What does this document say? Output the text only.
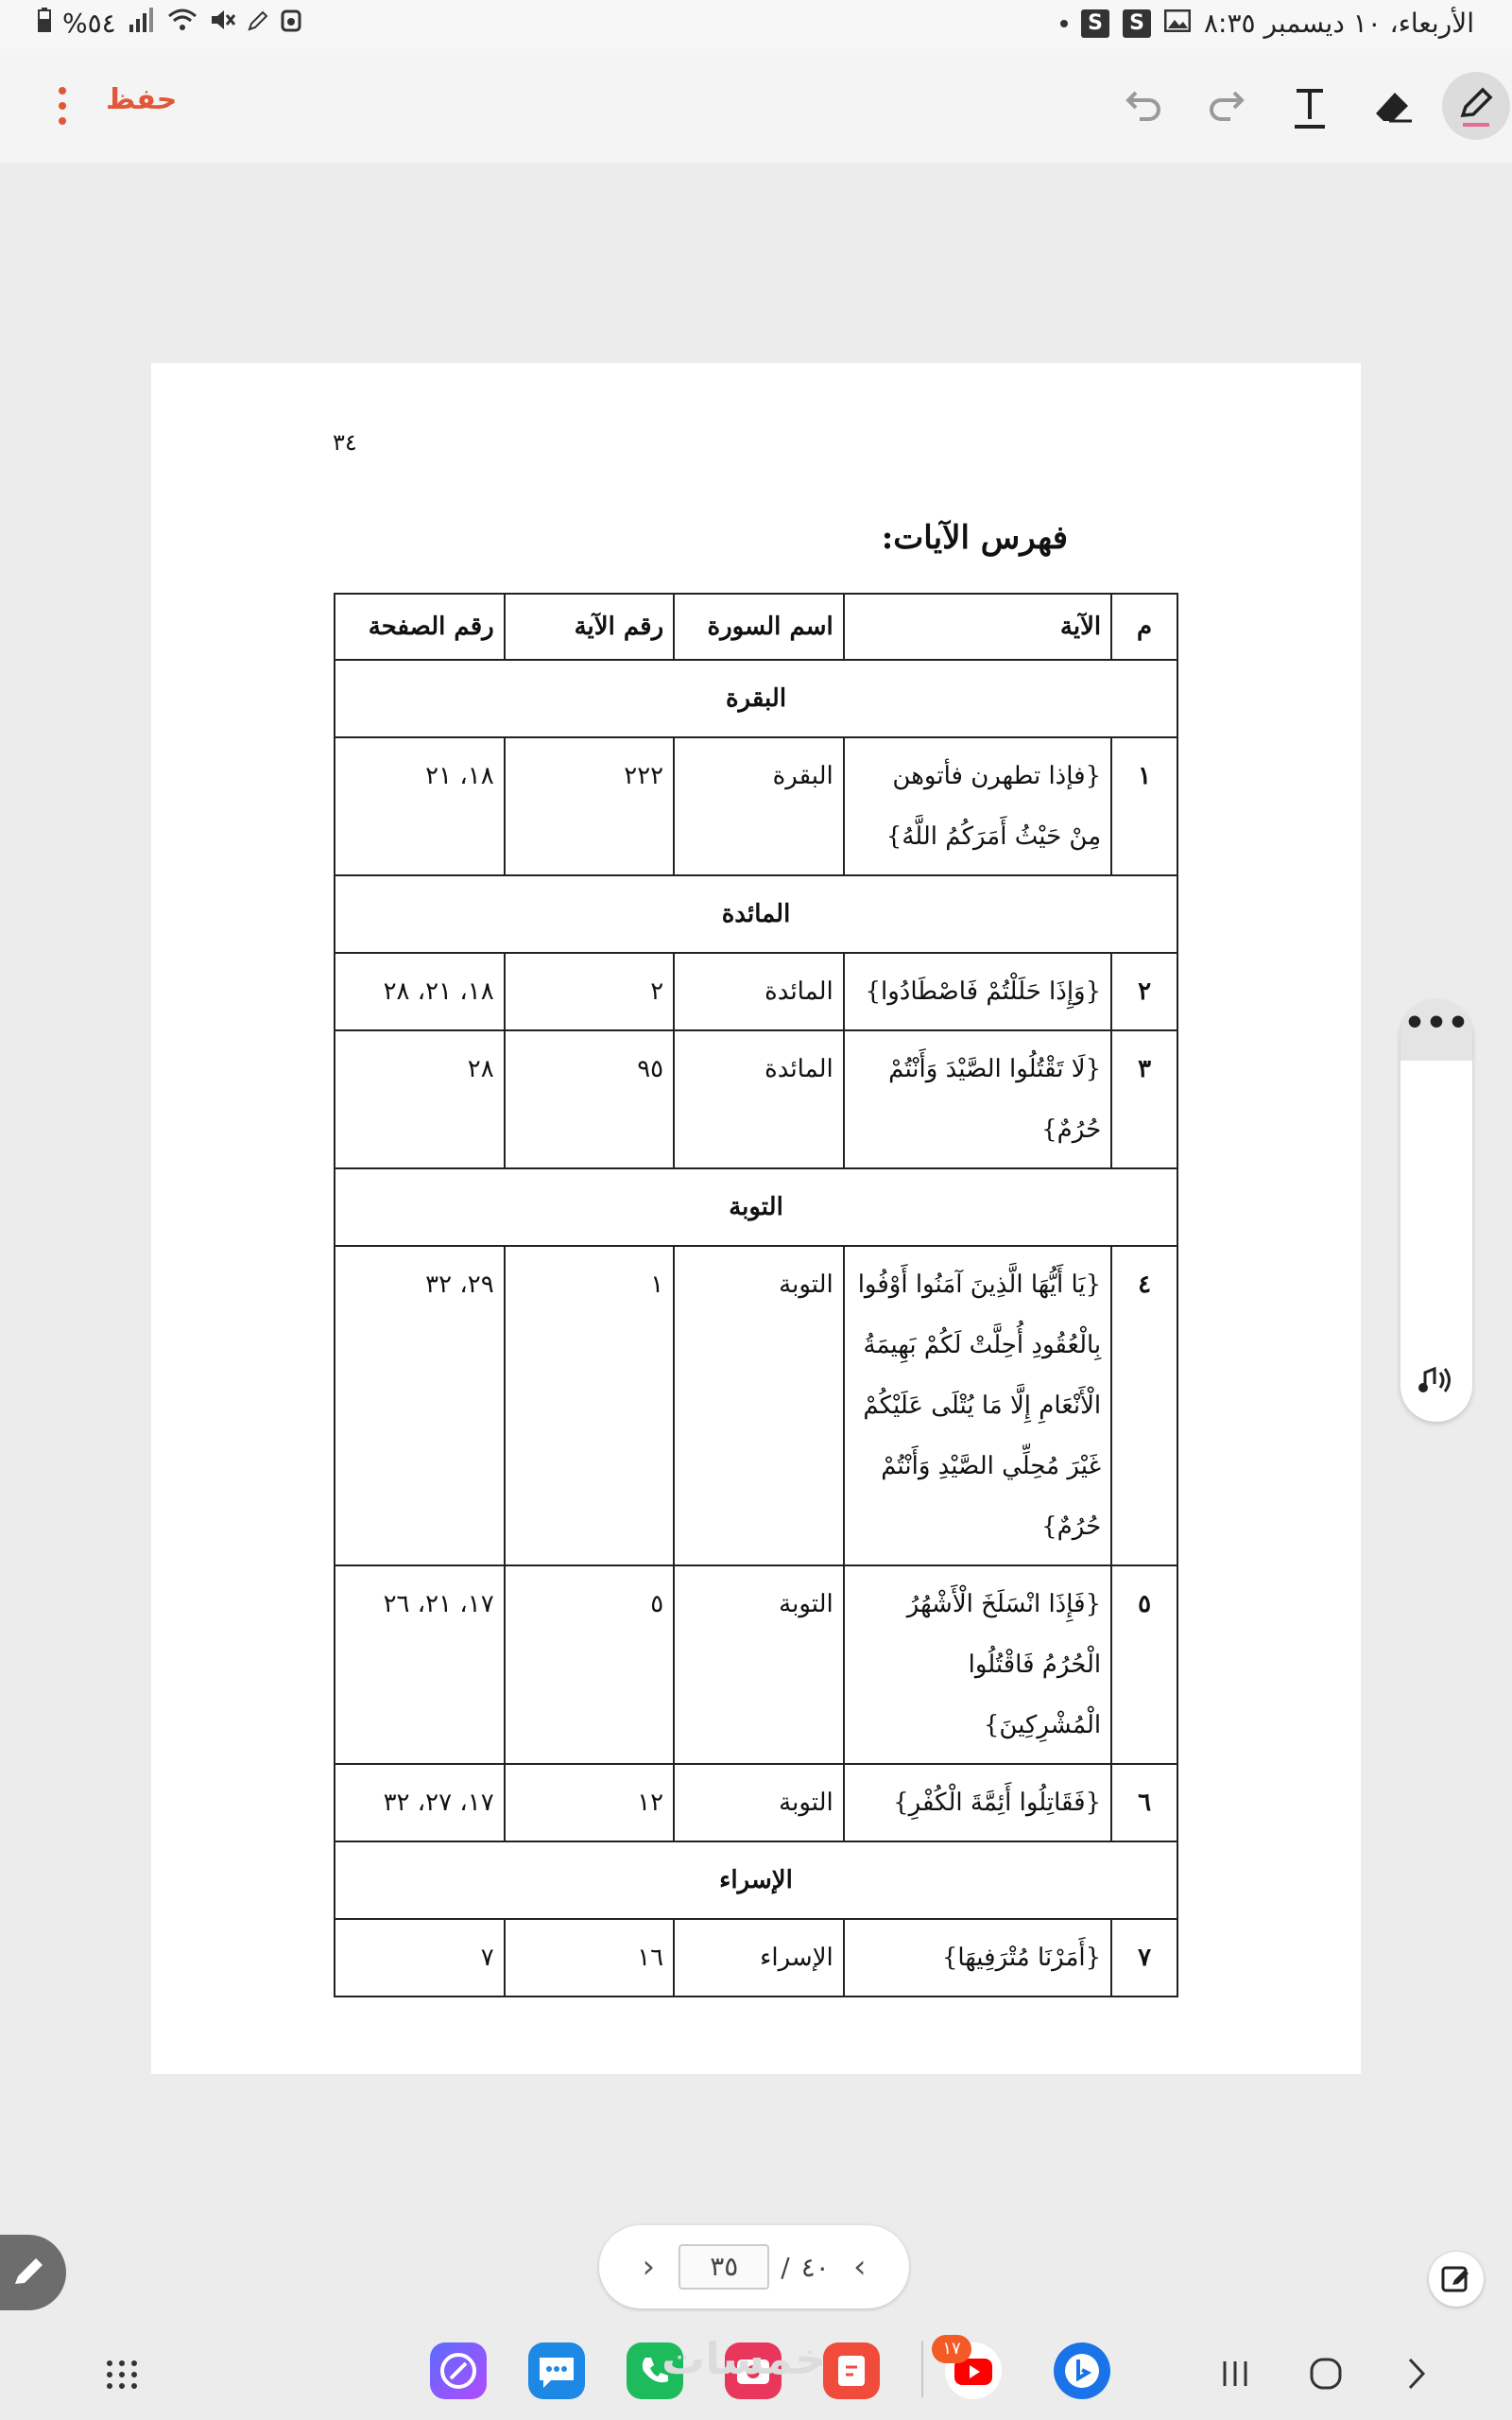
الأربعاء، ١٠ ديسمبر ٨:٣٥
S
S
%٥٤
حفظ
٣٤
فهرس الآيات:
م	الآية	اسم السورة	رقم الآية	رقم الصفحة
البقرة				
١	{فإذا تطهرن فأتوهن مِنْ حَيْثُ أَمَرَكُمُ اللَّهُ}	البقرة	٢٢٢	١٨، ٢١
المائدة				
٢	{وَإِذَا حَلَلْتُمْ فَاصْطَادُوا}	المائدة	٢	١٨، ٢١، ٢٨
٣	{لَا تَقْتُلُوا الصَّيْدَ وَأَنْتُمْ حُرُمٌ}	المائدة	٩٥	٢٨
التوبة				
٤	{يَا أَيُّهَا الَّذِينَ آمَنُوا أَوْفُوا بِالْعُقُودِ أُحِلَّتْ لَكُمْ بَهِيمَةُ الْأَنْعَامِ إِلَّا مَا يُتْلَى عَلَيْكُمْ غَيْرَ مُحِلِّي الصَّيْدِ وَأَنْتُمْ حُرُمٌ}	التوبة	١	٢٩، ٣٢
٥	{فَإِذَا انْسَلَخَ الْأَشْهُرُ الْحُرُمُ فَاقْتُلُوا الْمُشْرِكِينَ}	التوبة	٥	١٧، ٢١، ٢٦
٦	{فَقَاتِلُوا أَئِمَّةَ الْكُفْرِ}	التوبة	١٢	١٧، ٢٧، ٣٢
الإسراء				
٧	{أَمَرْنَا مُتْرَفِيهَا}	الإسراء	١٦	٧
•••
›
٤٠
/
٣٥
‹
١٧
خمسات
